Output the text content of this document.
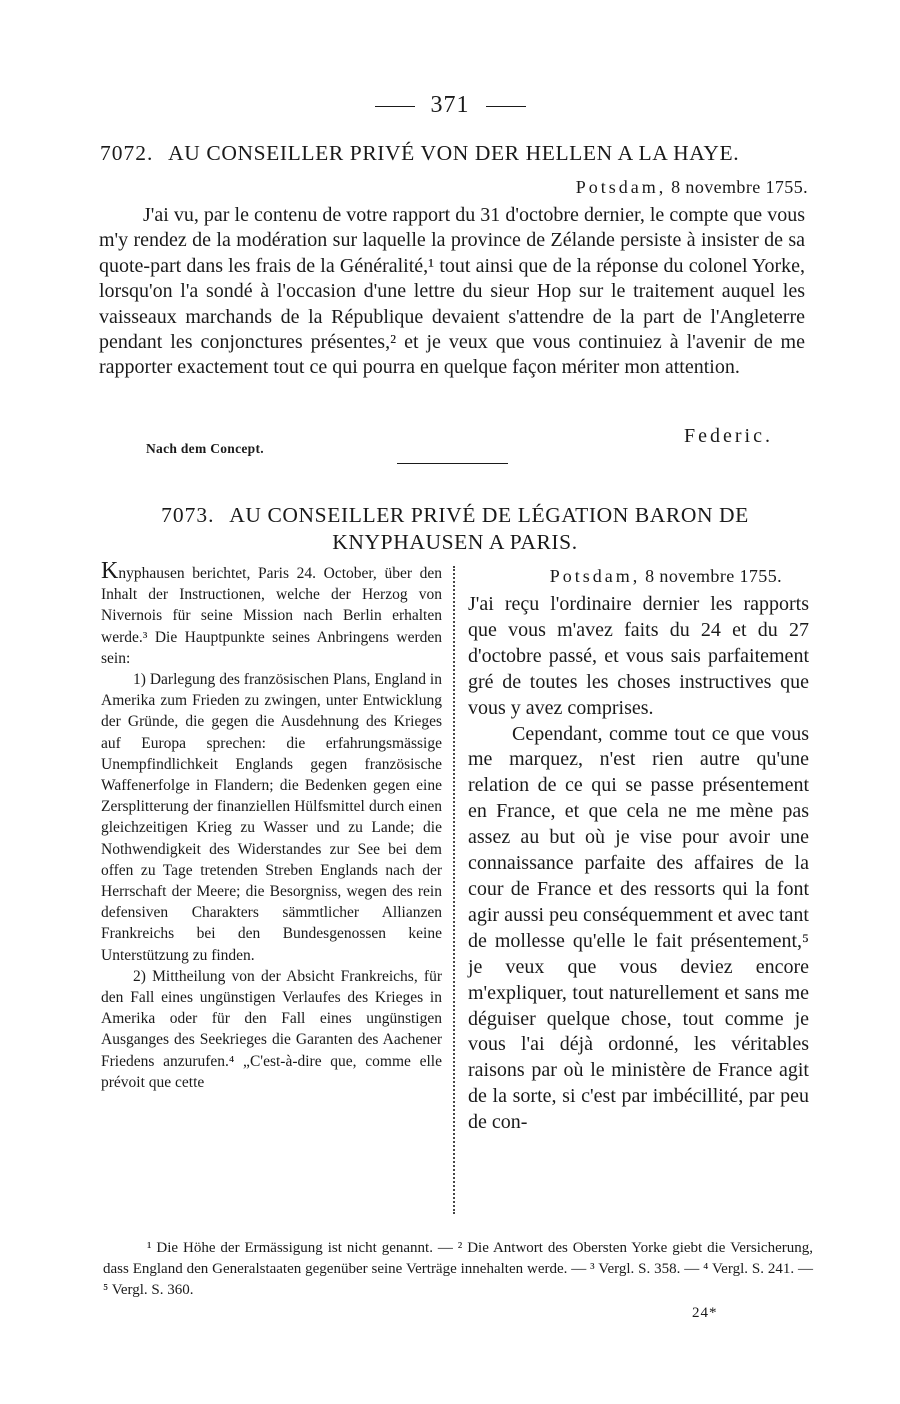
371
7072. AU CONSEILLER PRIVÉ VON DER HELLEN A LA HAYE.
Potsdam, 8 novembre 1755.

J'ai vu, par le contenu de votre rapport du 31 d'octobre dernier, le compte que vous m'y rendez de la modération sur laquelle la province de Zélande persiste à insister de sa quote-part dans les frais de la Généralité,¹ tout ainsi que de la réponse du colonel Yorke, lorsqu'on l'a sondé à l'occasion d'une lettre du sieur Hop sur le traitement auquel les vaisseaux marchands de la République devaient s'attendre de la part de l'Angleterre pendant les conjonctures présentes,² et je veux que vous continuiez à l'avenir de me rapporter exactement tout ce qui pourra en quelque façon mériter mon attention.

Federic.
Nach dem Concept.
7073. AU CONSEILLER PRIVÉ DE LÉGATION BARON DE KNYPHAUSEN A PARIS.

Knyphausen berichtet, Paris 24. October, über den Inhalt der Instructionen, welche der Herzog von Nivernois für seine Mission nach Berlin erhalten werde.³ Die Hauptpunkte seines Anbringens werden sein:

1) Darlegung des französischen Plans, England in Amerika zum Frieden zu zwingen, unter Entwicklung der Gründe, die gegen die Ausdehnung des Krieges auf Europa sprechen: die erfahrungsmässige Unempfindlichkeit Englands gegen französische Waffenerfolge in Flandern; die Bedenken gegen eine Zersplitterung der finanziellen Hülfsmittel durch einen gleichzeitigen Krieg zu Wasser und zu Lande; die Nothwendigkeit des Widerstandes zur See bei dem offen zu Tage tretenden Streben Englands nach der Herrschaft der Meere; die Besorgniss, wegen des rein defensiven Charakters sämmtlicher Allianzen Frankreichs bei den Bundesgenossen keine Unterstützung zu finden.

2) Mittheilung von der Absicht Frankreichs, für den Fall eines ungünstigen Verlaufes des Krieges in Amerika oder für den Fall eines ungünstigen Ausganges des Seekrieges die Garanten des Aachener Friedens anzurufen.⁴ „C'est-à-dire que, comme elle prévoit que cette

Potsdam, 8 novembre 1755.

J'ai reçu l'ordinaire dernier les rapports que vous m'avez faits du 24 et du 27 d'octobre passé, et vous sais parfaitement gré de toutes les choses instructives que vous y avez comprises.

Cependant, comme tout ce que vous me marquez, n'est rien autre qu'une relation de ce qui se passe présentement en France, et que cela ne me mène pas assez au but où je vise pour avoir une connaissance parfaite des affaires de la cour de France et des ressorts qui la font agir aussi peu conséquemment et avec tant de mollesse qu'elle le fait présentement,⁵ je veux que vous deviez encore m'expliquer, tout naturellement et sans me déguiser quelque chose, tout comme je vous l'ai déjà ordonné, les véritables raisons par où le ministère de France agit de la sorte, si c'est par imbécillité, par peu de con-

¹ Die Höhe der Ermässigung ist nicht genannt. — ² Die Antwort des Obersten Yorke giebt die Versicherung, dass England den Generalstaaten gegenüber seine Verträge innehalten werde. — ³ Vergl. S. 358. — ⁴ Vergl. S. 241. — ⁵ Vergl. S. 360.

24*
